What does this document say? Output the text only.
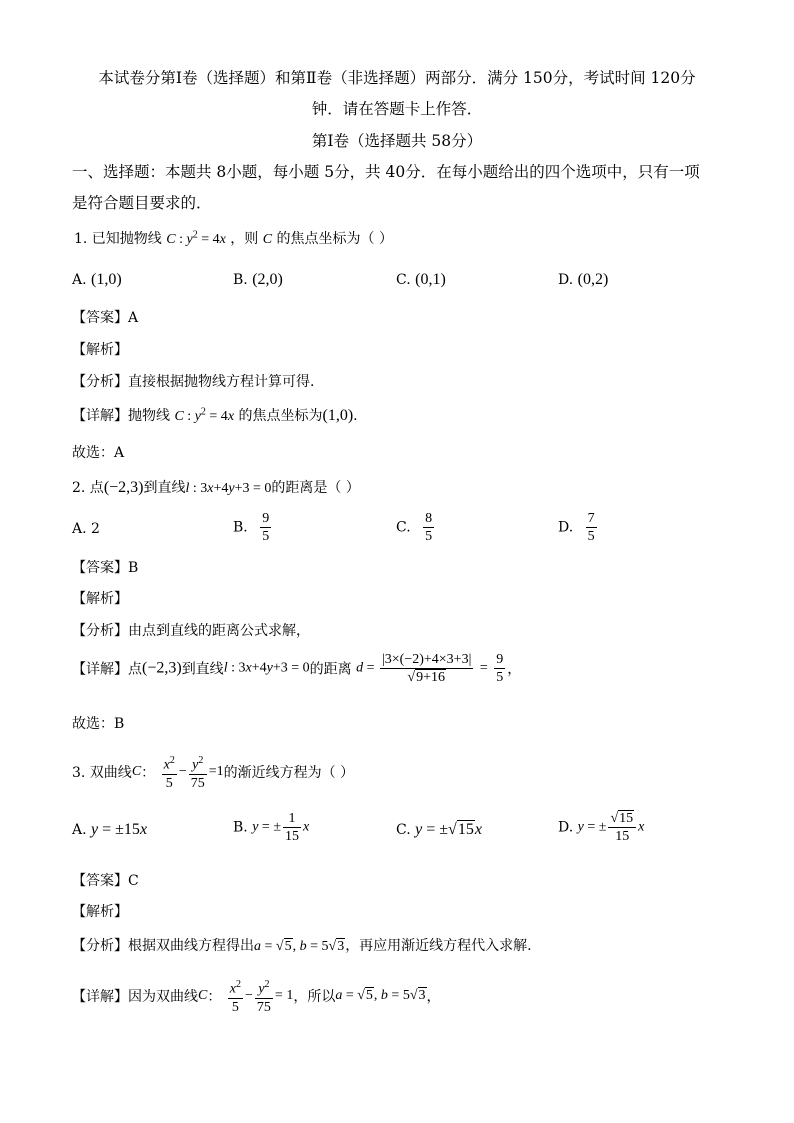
本试卷分第Ⅰ卷（选择题）和第Ⅱ卷（非选择题）两部分．满分 150分，考试时间 120分
钟．请在答题卡上作答．
第Ⅰ卷（选择题共 58分）
一、选择题：本题共 8小题，每小题 5分，共 40分．在每小题给出的四个选项中，只有一项
是符合题目要求的．
1. 已知抛物线 C : $y^2 = 4x$ ，则 C 的焦点坐标为（ ）
A. (1,0)	B. (2,0)	C. (0,1)	D. (0,2)
【答案】A
【解析】
【分析】直接根据抛物线方程计算可得.
【详解】抛物线 C : $y^2 = 4x$ 的焦点坐标为(1,0).
故选：A
2. 点(−2,3)到直线l : 3x+4y+3 = 0的距离是（ ）
A. 2	B. $\frac{9}{5}$	C. $\frac{8}{5}$	D. $\frac{7}{5}$
【答案】B
【解析】
【分析】由点到直线的距离公式求解，
【详解】点(−2,3)到直线l : 3x+4y+3 = 0的距离 $d = \frac{|3\times(-2)+4\times 3+3|}{√9+16} = \frac{9}{5}$ ，
故选：B
3. 双曲线C： $\frac{x^2}{5} - \frac{y^2}{75} =1$的渐近线方程为（ ）
A. y = ±15x	B. y = ± $\frac{1}{15}$ x	C. y = ±√15x	D. y = ± $\frac{√15}{15}$ x
【答案】C
【解析】
【分析】根据双曲线方程得出a = √5, b = 5√3，再应用渐近线方程代入求解.
【详解】因为双曲线C： $\frac{x^2}{5} - \frac{y^2}{75} = 1$，所以a = √5, b = 5√3，
